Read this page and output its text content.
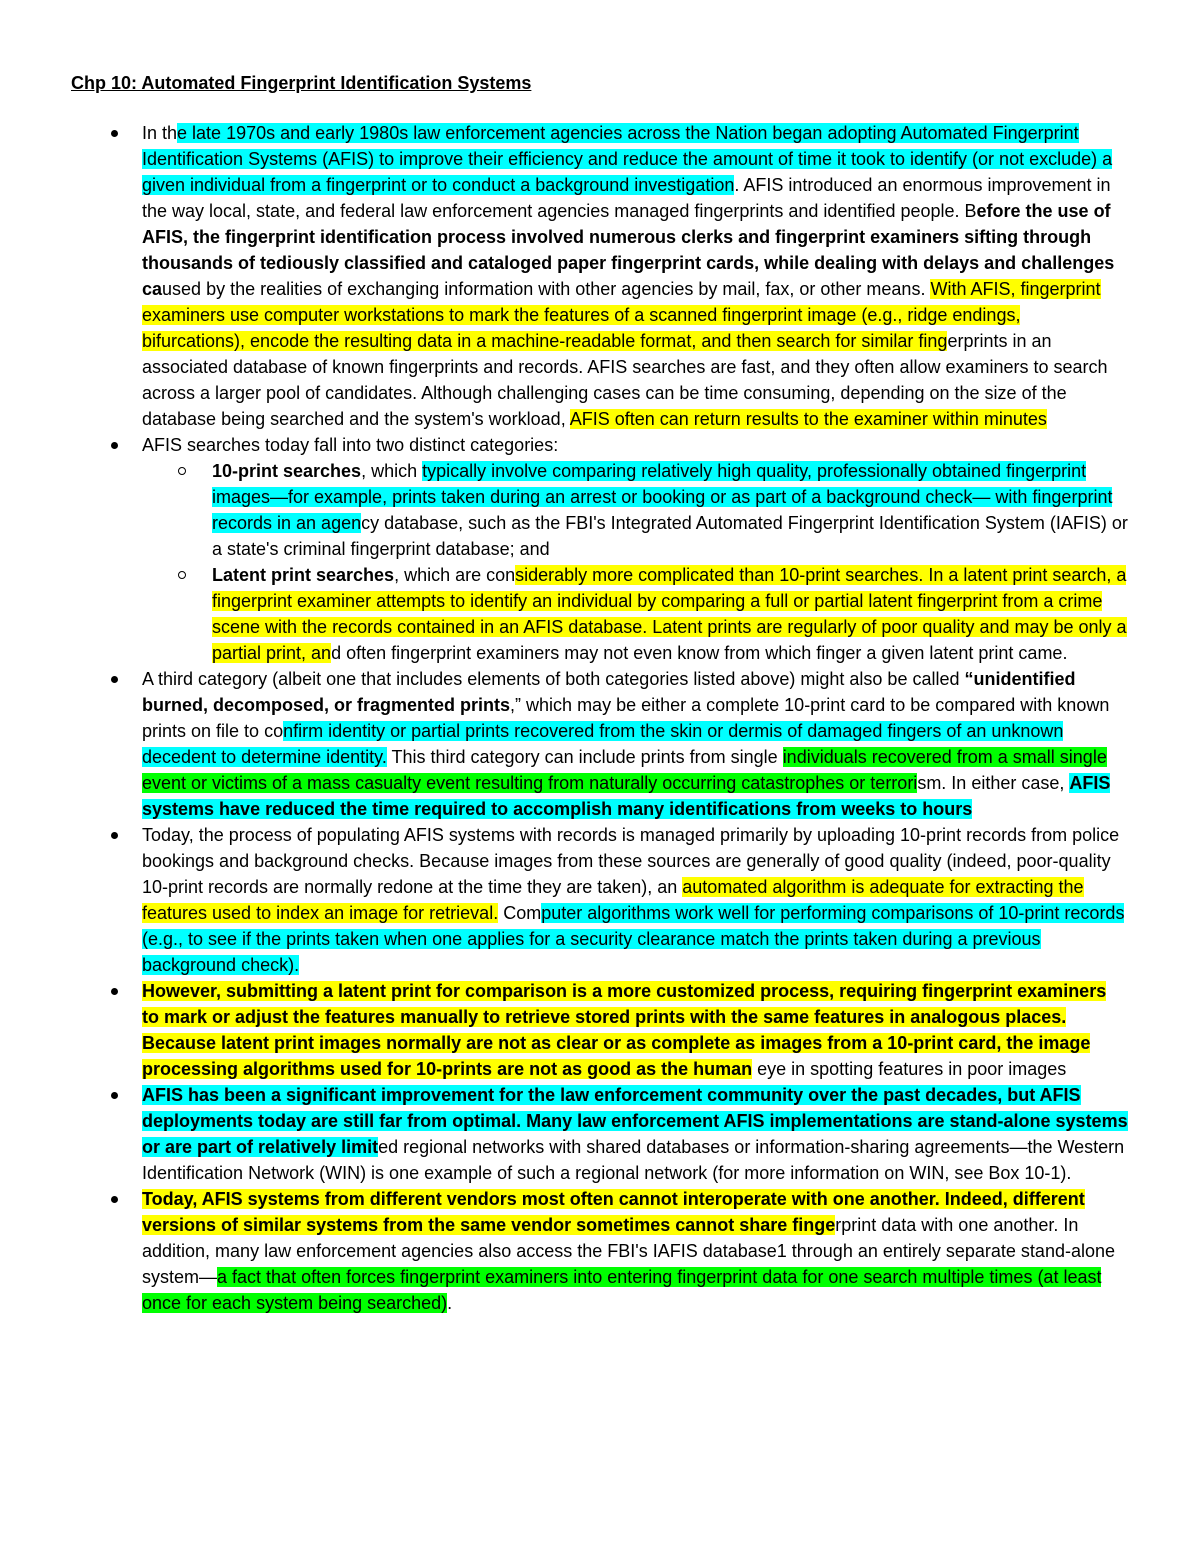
Chp 10: Automated Fingerprint Identification Systems
In the late 1970s and early 1980s law enforcement agencies across the Nation began adopting Automated Fingerprint Identification Systems (AFIS) to improve their efficiency and reduce the amount of time it took to identify (or not exclude) a given individual from a fingerprint or to conduct a background investigation. AFIS introduced an enormous improvement in the way local, state, and federal law enforcement agencies managed fingerprints and identified people. Before the use of AFIS, the fingerprint identification process involved numerous clerks and fingerprint examiners sifting through thousands of tediously classified and cataloged paper fingerprint cards, while dealing with delays and challenges caused by the realities of exchanging information with other agencies by mail, fax, or other means. With AFIS, fingerprint examiners use computer workstations to mark the features of a scanned fingerprint image (e.g., ridge endings, bifurcations), encode the resulting data in a machine-readable format, and then search for similar fingerprints in an associated database of known fingerprints and records. AFIS searches are fast, and they often allow examiners to search across a larger pool of candidates. Although challenging cases can be time consuming, depending on the size of the database being searched and the system's workload, AFIS often can return results to the examiner within minutes
AFIS searches today fall into two distinct categories:
10-print searches, which typically involve comparing relatively high quality, professionally obtained fingerprint images—for example, prints taken during an arrest or booking or as part of a background check— with fingerprint records in an agency database, such as the FBI's Integrated Automated Fingerprint Identification System (IAFIS) or a state's criminal fingerprint database; and
Latent print searches, which are considerably more complicated than 10-print searches. In a latent print search, a fingerprint examiner attempts to identify an individual by comparing a full or partial latent fingerprint from a crime scene with the records contained in an AFIS database. Latent prints are regularly of poor quality and may be only a partial print, and often fingerprint examiners may not even know from which finger a given latent print came.
A third category (albeit one that includes elements of both categories listed above) might also be called “unidentified burned, decomposed, or fragmented prints,” which may be either a complete 10-print card to be compared with known prints on file to confirm identity or partial prints recovered from the skin or dermis of damaged fingers of an unknown decedent to determine identity. This third category can include prints from single individuals recovered from a small single event or victims of a mass casualty event resulting from naturally occurring catastrophes or terrorism. In either case, AFIS systems have reduced the time required to accomplish many identifications from weeks to hours
Today, the process of populating AFIS systems with records is managed primarily by uploading 10-print records from police bookings and background checks. Because images from these sources are generally of good quality (indeed, poor-quality 10-print records are normally redone at the time they are taken), an automated algorithm is adequate for extracting the features used to index an image for retrieval. Computer algorithms work well for performing comparisons of 10-print records (e.g., to see if the prints taken when one applies for a security clearance match the prints taken during a previous background check).
However, submitting a latent print for comparison is a more customized process, requiring fingerprint examiners to mark or adjust the features manually to retrieve stored prints with the same features in analogous places. Because latent print images normally are not as clear or as complete as images from a 10-print card, the image processing algorithms used for 10-prints are not as good as the human eye in spotting features in poor images
AFIS has been a significant improvement for the law enforcement community over the past decades, but AFIS deployments today are still far from optimal. Many law enforcement AFIS implementations are stand-alone systems or are part of relatively limited regional networks with shared databases or information-sharing agreements—the Western Identification Network (WIN) is one example of such a regional network (for more information on WIN, see Box 10-1).
Today, AFIS systems from different vendors most often cannot interoperate with one another. Indeed, different versions of similar systems from the same vendor sometimes cannot share fingerprint data with one another. In addition, many law enforcement agencies also access the FBI's IAFIS database1 through an entirely separate stand-alone system—a fact that often forces fingerprint examiners into entering fingerprint data for one search multiple times (at least once for each system being searched).
